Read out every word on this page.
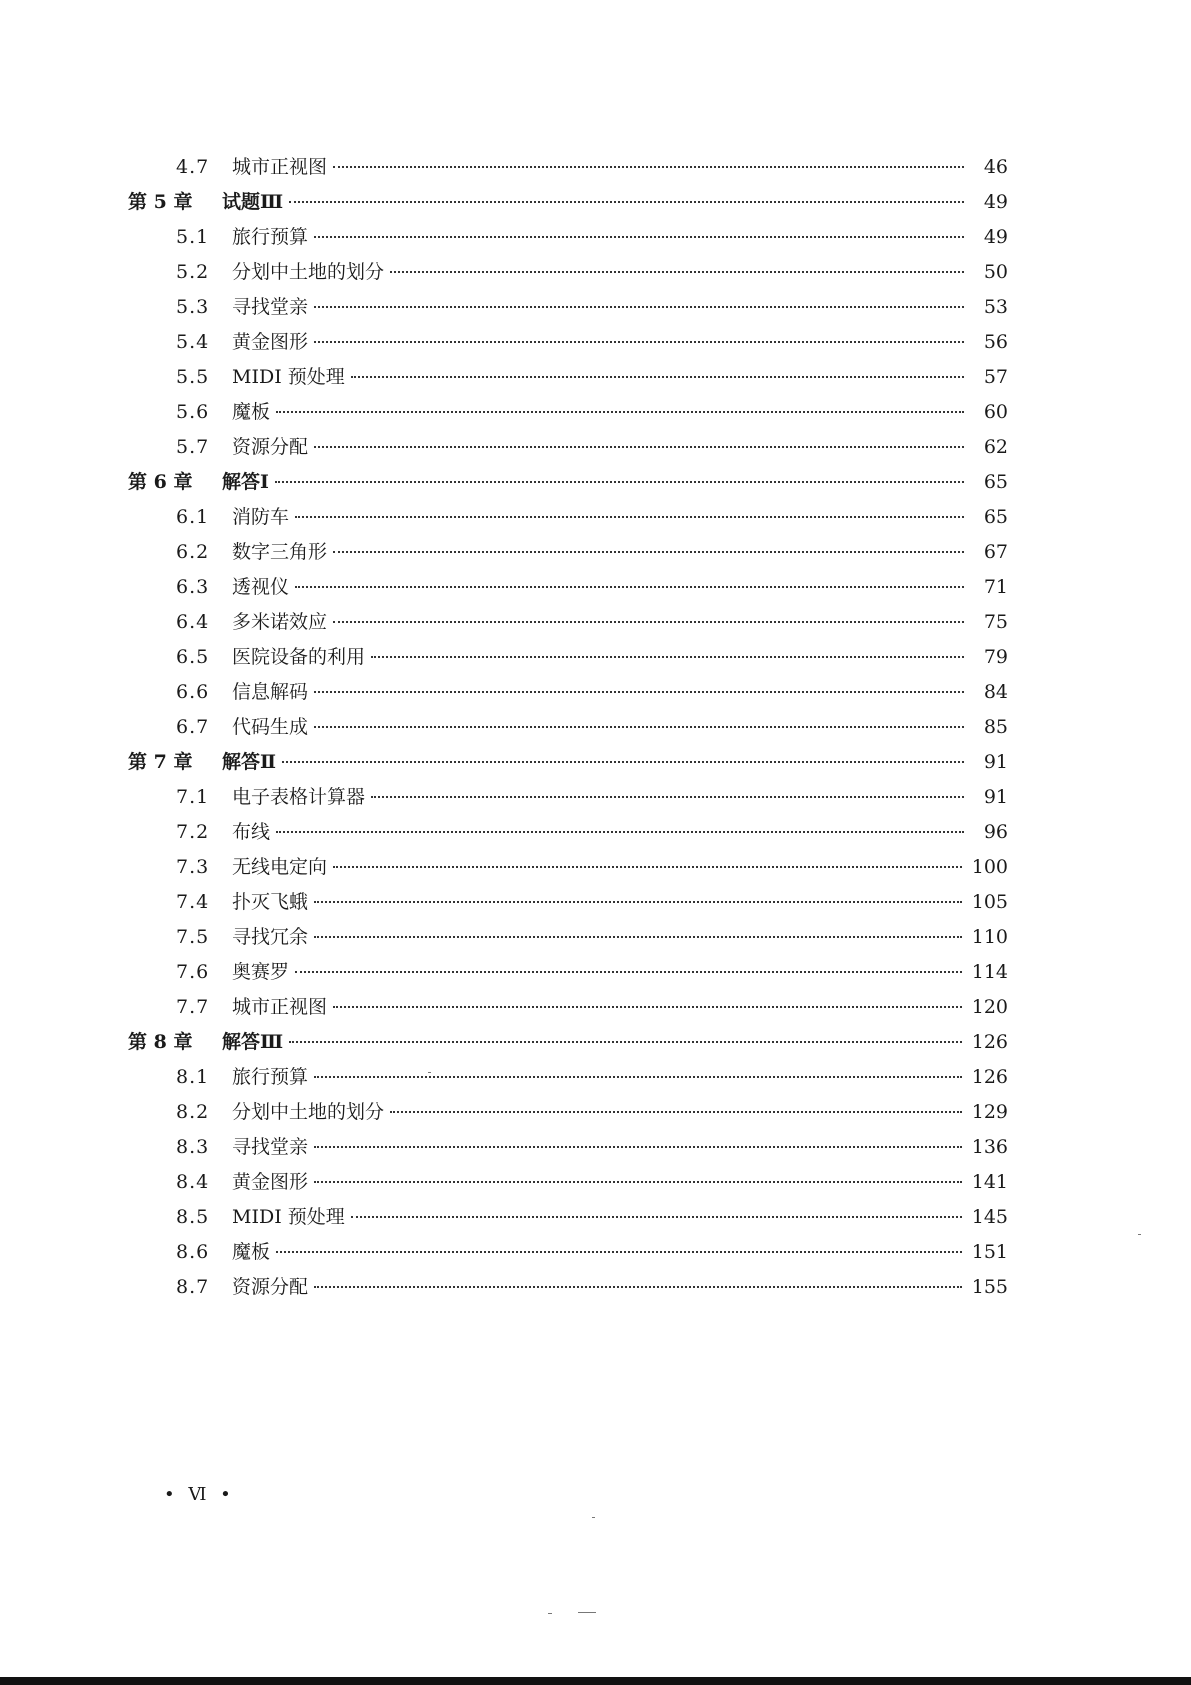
4.7	城市正视图	46
第 5 章	试题Ⅲ	49
5.1	旅行预算	49
5.2	分划中土地的划分	50
5.3	寻找堂亲	53
5.4	黄金图形	56
5.5	MIDI 预处理	57
5.6	魔板	60
5.7	资源分配	62
第 6 章	解答Ⅰ	65
6.1	消防车	65
6.2	数字三角形	67
6.3	透视仪	71
6.4	多米诺效应	75
6.5	医院设备的利用	79
6.6	信息解码	84
6.7	代码生成	85
第 7 章	解答Ⅱ	91
7.1	电子表格计算器	91
7.2	布线	96
7.3	无线电定向	100
7.4	扑灭飞蛾	105
7.5	寻找冗余	110
7.6	奥赛罗	114
7.7	城市正视图	120
第 8 章	解答Ⅲ	126
8.1	旅行预算	126
8.2	分划中土地的划分	129
8.3	寻找堂亲	136
8.4	黄金图形	141
8.5	MIDI 预处理	145
8.6	魔板	151
8.7	资源分配	155
• Ⅵ •
